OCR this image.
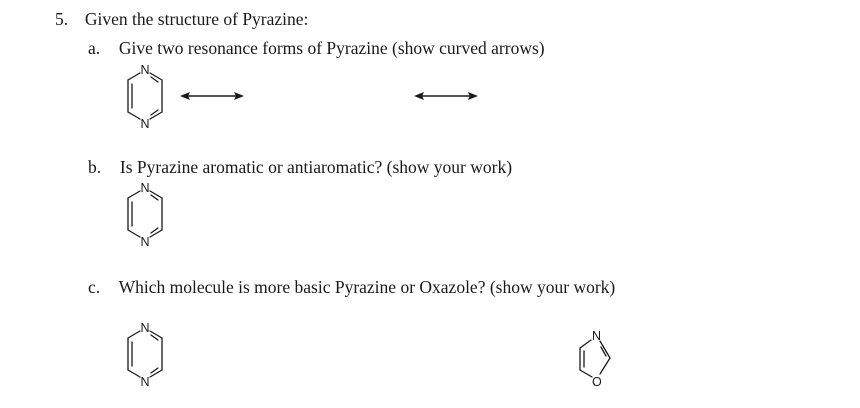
5. Given the structure of Pyrazine:
a. Give two resonance forms of Pyrazine (show curved arrows)
N
N
b. Is Pyrazine aromatic or antiaromatic? (show your work)
N
N
c. Which molecule is more basic Pyrazine or Oxazole? (show your work)
N
N
N
O
